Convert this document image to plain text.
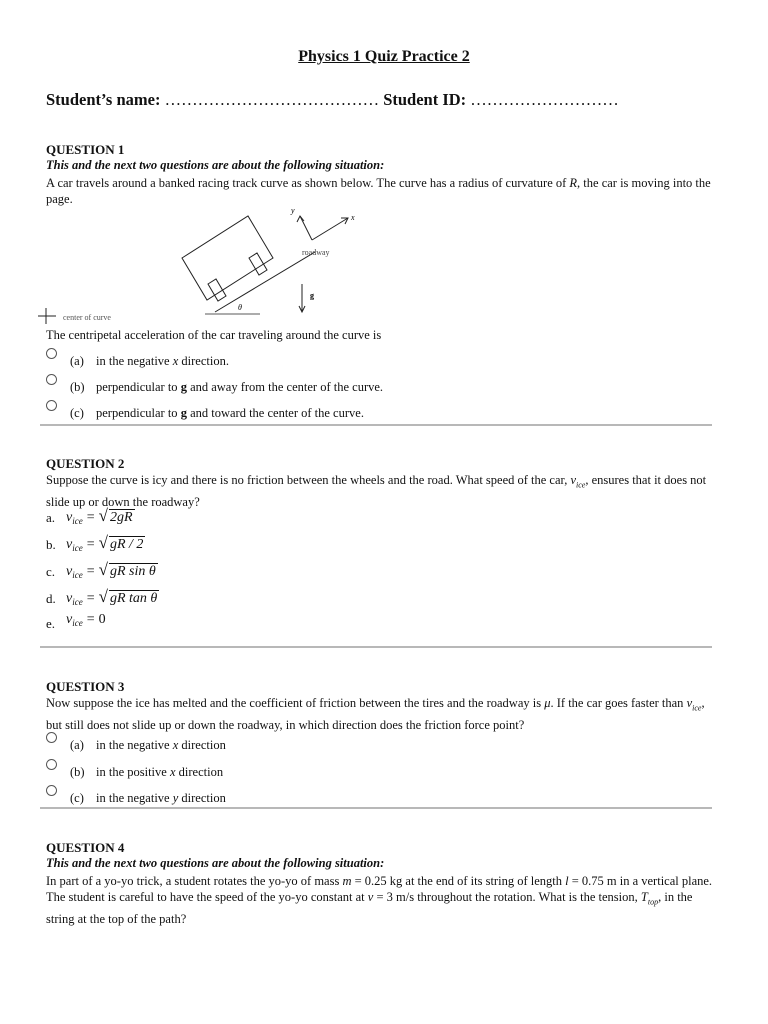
Physics 1 Quiz Practice 2
Student’s name: ………………………………… Student ID: ………………………
QUESTION 1
This and the next two questions are about the following situation:
A car travels around a banked racing track curve as shown below. The curve has a radius of curvature of R, the car is moving into the page.
y
x
roadway
g
θ
center of curve
The centripetal acceleration of the car traveling around the curve is
(a) in the negative x direction.
(b) perpendicular to g and away from the center of the curve.
(c) perpendicular to g and toward the center of the curve.
QUESTION 2
Suppose the curve is icy and there is no friction between the wheels and the road. What speed of the car, $v_{ice}$, ensures that it does not slide up or down the roadway?
a. $v_{ice}$ = √ 2gR
b. $v_{ice}$ = √ gR / 2
c. $v_{ice}$ = √ gR sin θ
d. $v_{ice}$ = √ gR tan θ
e. $v_{ice} = 0$
QUESTION 3
Now suppose the ice has melted and the coefficient of friction between the tires and the roadway is μ. If the car goes faster than $v_{ice}$, but still does not slide up or down the roadway, in which direction does the friction force point?
(a) in the negative x direction
(b) in the positive x direction
(c) in the negative y direction
QUESTION 4
This and the next two questions are about the following situation:
In part of a yo-yo trick, a student rotates the yo-yo of mass m = 0.25 kg at the end of its string of length l = 0.75 m in a vertical plane. The student is careful to have the speed of the yo-yo constant at v = 3 m/s throughout the rotation. What is the tension, $T_{top}$, in the string at the top of the path?
